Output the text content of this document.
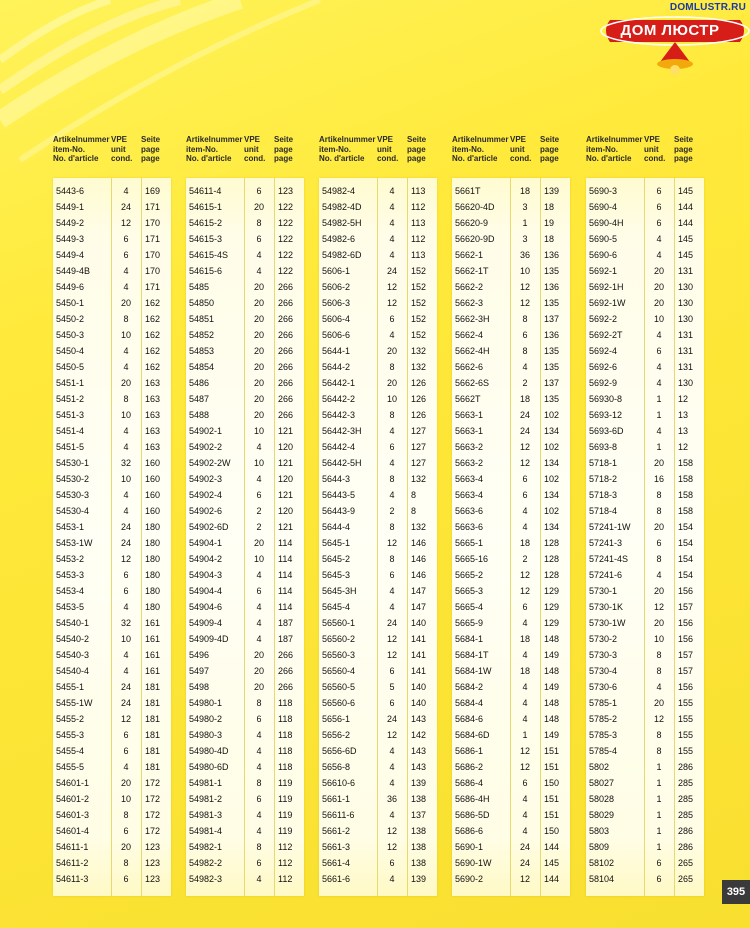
DOMLUSTR.RU
ДОМ ЛЮСТР
Artikelnummer
item-No.
No. d'article
VPE
unit
cond.
Seite
page
page
5443-6	4	169
5449-1	24	171
5449-2	12	170
5449-3	6	171
5449-4	6	170
5449-4B	4	170
5449-6	4	171
5450-1	20	162
5450-2	8	162
5450-3	10	162
5450-4	4	162
5450-5	4	162
5451-1	20	163
5451-2	8	163
5451-3	10	163
5451-4	4	163
5451-5	4	163
54530-1	32	160
54530-2	10	160
54530-3	4	160
54530-4	4	160
5453-1	24	180
5453-1W	24	180
5453-2	12	180
5453-3	6	180
5453-4	6	180
5453-5	4	180
54540-1	32	161
54540-2	10	161
54540-3	4	161
54540-4	4	161
5455-1	24	181
5455-1W	24	181
5455-2	12	181
5455-3	6	181
5455-4	6	181
5455-5	4	181
54601-1	20	172
54601-2	10	172
54601-3	8	172
54601-4	6	172
54611-1	20	123
54611-2	8	123
54611-3	6	123
Artikelnummer
item-No.
No. d'article
VPE
unit
cond.
Seite
page
page
54611-4	6	123
54615-1	20	122
54615-2	8	122
54615-3	6	122
54615-4S	4	122
54615-6	4	122
5485	20	266
54850	20	266
54851	20	266
54852	20	266
54853	20	266
54854	20	266
5486	20	266
5487	20	266
5488	20	266
54902-1	10	121
54902-2	4	120
54902-2W	10	121
54902-3	4	120
54902-4	6	121
54902-6	2	120
54902-6D	2	121
54904-1	20	114
54904-2	10	114
54904-3	4	114
54904-4	6	114
54904-6	4	114
54909-4	4	187
54909-4D	4	187
5496	20	266
5497	20	266
5498	20	266
54980-1	8	118
54980-2	6	118
54980-3	4	118
54980-4D	4	118
54980-6D	4	118
54981-1	8	119
54981-2	6	119
54981-3	4	119
54981-4	4	119
54982-1	8	112
54982-2	6	112
54982-3	4	112
Artikelnummer
item-No.
No. d'article
VPE
unit
cond.
Seite
page
page
54982-4	4	113
54982-4D	4	112
54982-5H	4	113
54982-6	4	112
54982-6D	4	113
5606-1	24	152
5606-2	12	152
5606-3	12	152
5606-4	6	152
5606-6	4	152
5644-1	20	132
5644-2	8	132
56442-1	20	126
56442-2	10	126
56442-3	8	126
56442-3H	4	127
56442-4	6	127
56442-5H	4	127
5644-3	8	132
56443-5	4	8
56443-9	2	8
5644-4	8	132
5645-1	12	146
5645-2	8	146
5645-3	6	146
5645-3H	4	147
5645-4	4	147
56560-1	24	140
56560-2	12	141
56560-3	12	141
56560-4	6	141
56560-5	5	140
56560-6	6	140
5656-1	24	143
5656-2	12	142
5656-6D	4	143
5656-8	4	143
56610-6	4	139
5661-1	36	138
56611-6	4	137
5661-2	12	138
5661-3	12	138
5661-4	6	138
5661-6	4	139
Artikelnummer
item-No.
No. d'article
VPE
unit
cond.
Seite
page
page
5661T	18	139
56620-4D	3	18
56620-9	1	19
56620-9D	3	18
5662-1	36	136
5662-1T	10	135
5662-2	12	136
5662-3	12	135
5662-3H	8	137
5662-4	6	136
5662-4H	8	135
5662-6	4	135
5662-6S	2	137
5662T	18	135
5663-1	24	102
5663-1	24	134
5663-2	12	102
5663-2	12	134
5663-4	6	102
5663-4	6	134
5663-6	4	102
5663-6	4	134
5665-1	18	128
5665-16	2	128
5665-2	12	128
5665-3	12	129
5665-4	6	129
5665-9	4	129
5684-1	18	148
5684-1T	4	149
5684-1W	18	148
5684-2	4	149
5684-4	4	148
5684-6	4	148
5684-6D	1	149
5686-1	12	151
5686-2	12	151
5686-4	6	150
5686-4H	4	151
5686-5D	4	151
5686-6	4	150
5690-1	24	144
5690-1W	24	145
5690-2	12	144
Artikelnummer
item-No.
No. d'article
VPE
unit
cond.
Seite
page
page
5690-3	6	145
5690-4	6	144
5690-4H	6	144
5690-5	4	145
5690-6	4	145
5692-1	20	131
5692-1H	20	130
5692-1W	20	130
5692-2	10	130
5692-2T	4	131
5692-4	6	131
5692-6	4	131
5692-9	4	130
56930-8	1	12
5693-12	1	13
5693-6D	4	13
5693-8	1	12
5718-1	20	158
5718-2	16	158
5718-3	8	158
5718-4	8	158
57241-1W	20	154
57241-3	6	154
57241-4S	8	154
57241-6	4	154
5730-1	20	156
5730-1K	12	157
5730-1W	20	156
5730-2	10	156
5730-3	8	157
5730-4	8	157
5730-6	4	156
5785-1	20	155
5785-2	12	155
5785-3	8	155
5785-4	8	155
5802	1	286
58027	1	285
58028	1	285
58029	1	285
5803	1	286
5809	1	286
58102	6	265
58104	6	265
395
